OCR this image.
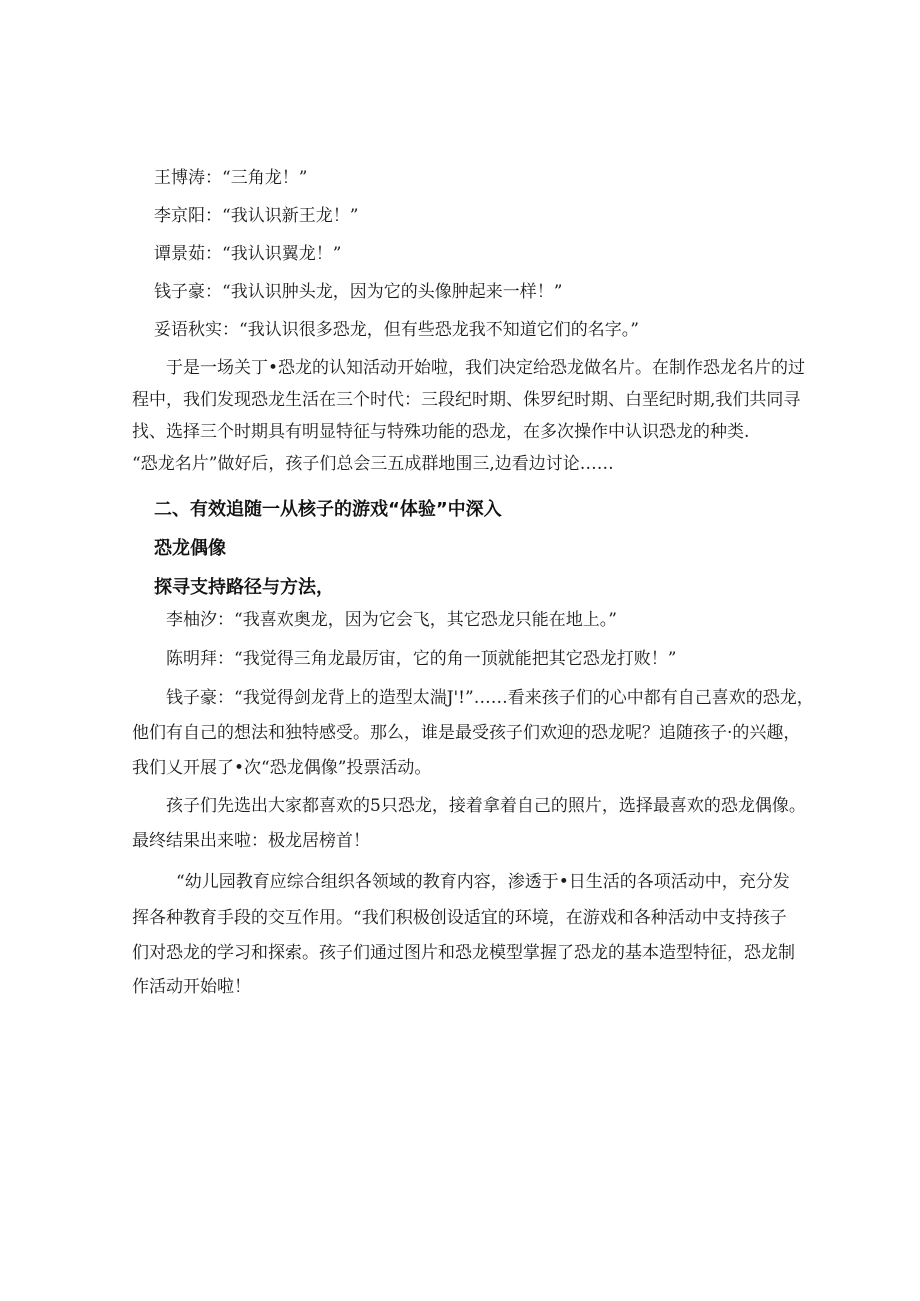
王博涛：“三角龙！”

李京阳：“我认识新王龙！”

谭景茹：“我认识翼龙！”

钱子豪：“我认识肿头龙，因为它的头像肿起来一样！”

妥语秋实：“我认识很多恐龙，但有些恐龙我不知道它们的名字。”

于是一场关丁•恐龙的认知活动开始啦，我们决定给恐龙做名片。在制作恐龙名片的过

程中，我们发现恐龙生活在三个时代：三段纪时期、侏罗纪时期、白垩纪时期,我们共同寻

找、选择三个时期具有明显特征与特殊功能的恐龙，在多次操作中认识恐龙的种类.

“恐龙名片”做好后，孩子们总会三五成群地围三,边看边讨论……

二、有效追随一从核子的游戏“体验”中深入
恐龙偶像
探寻支持路径与方法，

李柚汐：“我喜欢奥龙，因为它会飞，其它恐龙只能在地上。”

陈明拜：“我觉得三角龙最厉宙，它的角一顶就能把其它恐龙打败！”

钱子豪：“我觉得剑龙背上的造型太湍J'!”……看来孩子们的心中都有自己喜欢的恐龙，

他们有自己的想法和独特感受。那么，谁是最受孩子们欢迎的恐龙呢？追随孩子·的兴趣，

我们乂开展了•次“恐龙偶像”投票活动。

孩子们先选出大家都喜欢的5只恐龙，接着拿着自己的照片，选择最喜欢的恐龙偶像。

最终结果出来啦：极龙居榜首！

“幼儿园教育应综合组织各领域的教育内容，渗透于•日生活的各项活动中，充分发

挥各种教育手段的交互作用。“我们积极创设适宜的环境，在游戏和各种活动中支持孩子

们对恐龙的学习和探索。孩子们通过图片和恐龙模型掌握了恐龙的基本造型特征，恐龙制

作活动开始啦！
